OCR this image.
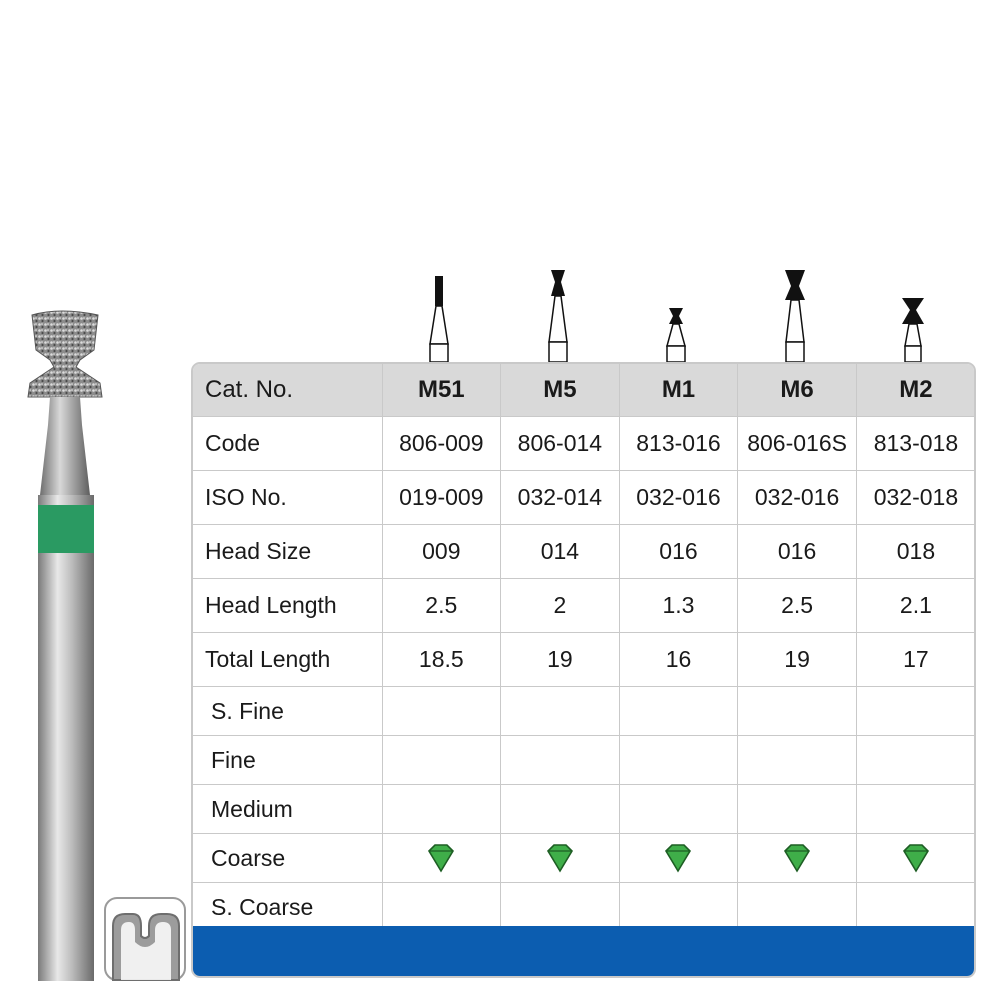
Cat. No.	M51	M5	M1	M6	M2
Code	806-009	806-014	813-016	806-016S	813-018
ISO No.	019-009	032-014	032-016	032-016	032-018
Head Size	009	014	016	016	018
Head Length	2.5	2	1.3	2.5	2.1
Total Length	18.5	19	16	19	17
S. Fine					
Fine					
Medium					
Coarse					
S. Coarse					
